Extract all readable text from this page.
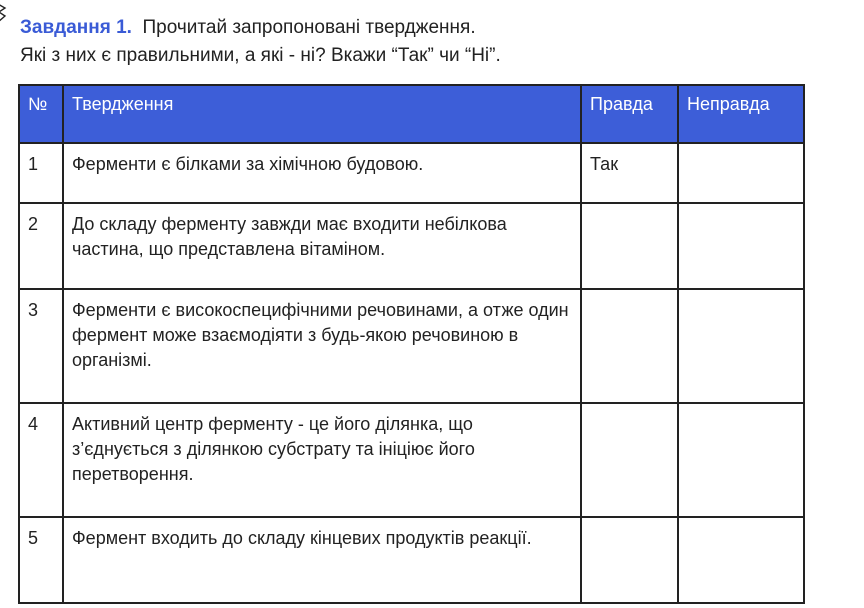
Завдання 1. Прочитай запропоновані твердження.
Які з них є правильними, а які - ні? Вкажи “Так” чи “Ні”.
№	Твердження	Правда	Неправда
1	Ферменти є білками за хімічною будовою.	Так	
2	До складу ферменту завжди має входити небілкова частина, що представлена вітаміном.		
3	Ферменти є високоспецифічними речовинами, а отже один фермент може взаємодіяти з будь-якою речовиною в організмі.		
4	Активний центр ферменту - це його ділянка, що з’єднується з ділянкою субстрату та ініціює його перетворення.		
5	Фермент входить до складу кінцевих продуктів реакції.		
